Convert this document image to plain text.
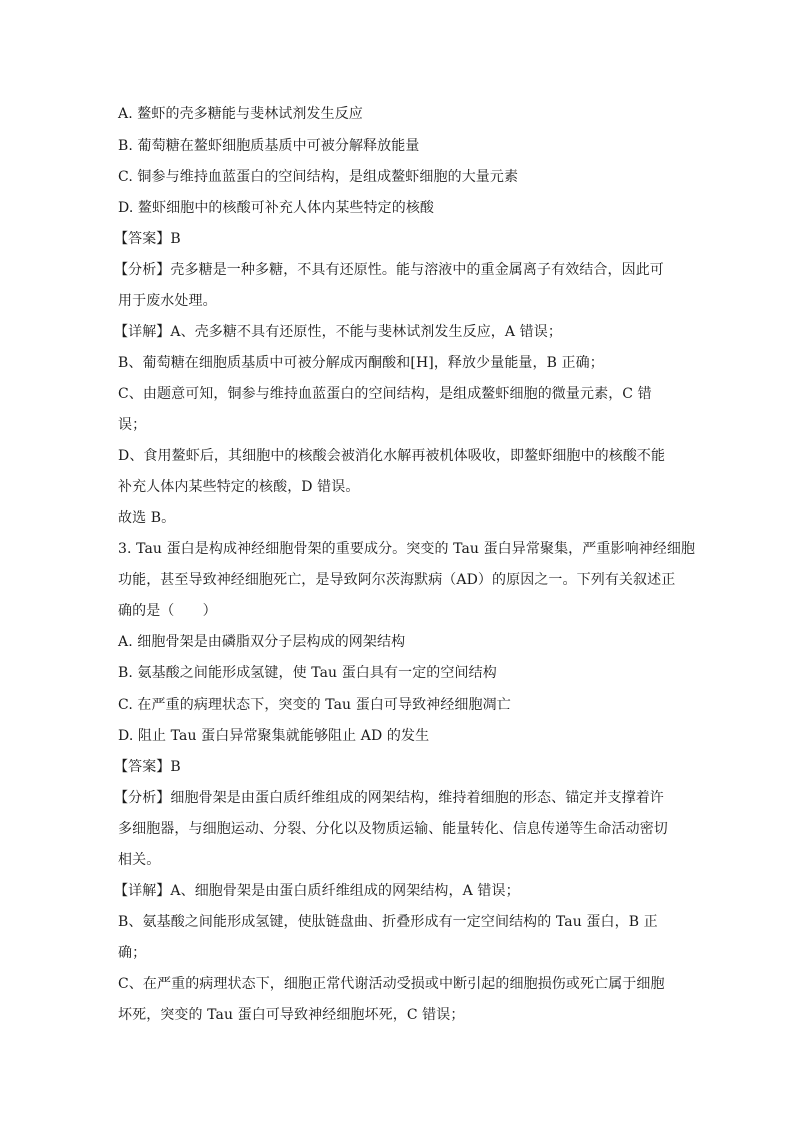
A. 鳌虾的壳多糖能与斐林试剂发生反应
B. 葡萄糖在鳌虾细胞质基质中可被分解释放能量
C. 铜参与维持血蓝蛋白的空间结构，是组成鳌虾细胞的大量元素
D. 鳌虾细胞中的核酸可补充人体内某些特定的核酸
【答案】B
【分析】壳多糖是一种多糖，不具有还原性。能与溶液中的重金属离子有效结合，因此可
用于废水处理。
【详解】A、壳多糖不具有还原性，不能与斐林试剂发生反应，A 错误；
B、葡萄糖在细胞质基质中可被分解成丙酮酸和[H]，释放少量能量，B 正确；
C、由题意可知，铜参与维持血蓝蛋白的空间结构，是组成鳌虾细胞的微量元素，C 错
误；
D、食用鳌虾后，其细胞中的核酸会被消化水解再被机体吸收，即鳌虾细胞中的核酸不能
补充人体内某些特定的核酸，D 错误。
故选 B。
3. Tau 蛋白是构成神经细胞骨架的重要成分。突变的 Tau 蛋白异常聚集，严重影响神经细胞
功能，甚至导致神经细胞死亡，是导致阿尔茨海默病（AD）的原因之一。下列有关叙述正
确的是（　　）
A. 细胞骨架是由磷脂双分子层构成的网架结构
B. 氨基酸之间能形成氢键，使 Tau 蛋白具有一定的空间结构
C. 在严重的病理状态下，突变的 Tau 蛋白可导致神经细胞凋亡
D. 阻止 Tau 蛋白异常聚集就能够阻止 AD 的发生
【答案】B
【分析】细胞骨架是由蛋白质纤维组成的网架结构，维持着细胞的形态、锚定并支撑着许
多细胞器，与细胞运动、分裂、分化以及物质运输、能量转化、信息传递等生命活动密切
相关。
【详解】A、细胞骨架是由蛋白质纤维组成的网架结构，A 错误；
B、氨基酸之间能形成氢键，使肽链盘曲、折叠形成有一定空间结构的 Tau 蛋白，B 正
确；
C、在严重的病理状态下，细胞正常代谢活动受损或中断引起的细胞损伤或死亡属于细胞
坏死，突变的 Tau 蛋白可导致神经细胞坏死，C 错误；
